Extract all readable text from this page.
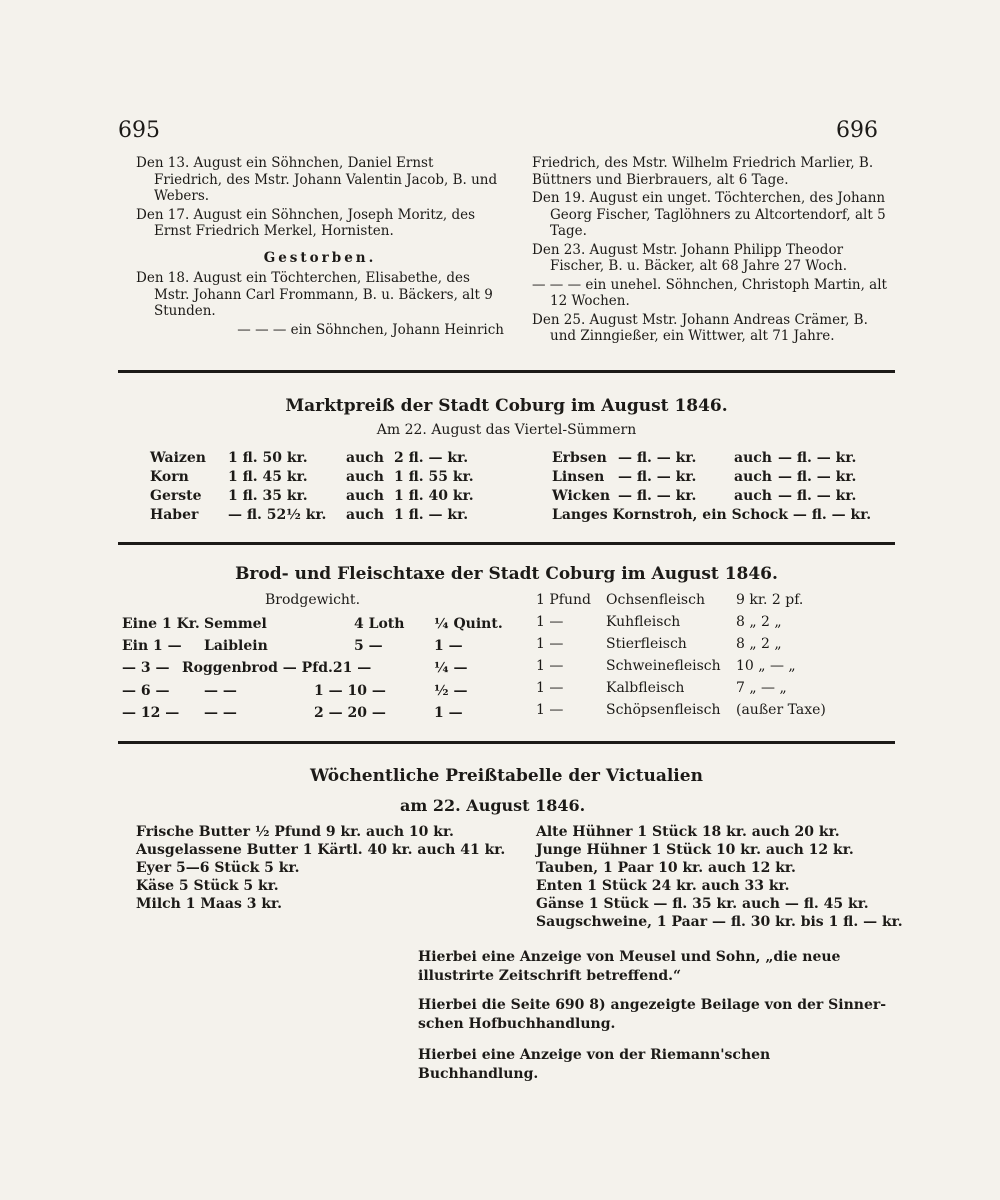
695	696

Den 13. August ein Söhnchen, Daniel Ernst Friedrich, des Mstr. Johann Valentin Jacob, B. und Webers.

Den 17. August ein Söhnchen, Joseph Moritz, des Ernst Friedrich Merkel, Hornisten.

Gestorben.

Den 18. August ein Töchterchen, Elisabethe, des Mstr. Johann Carl Frommann, B. u. Bäckers, alt 9 Stunden.

— — — ein Söhnchen, Johann Heinrich

Friedrich, des Mstr. Wilhelm Friedrich Marlier, B. Büttners und Bierbrauers, alt 6 Tage.

Den 19. August ein unget. Töchterchen, des Johann Georg Fischer, Taglöhners zu Altcortendorf, alt 5 Tage.

Den 23. August Mstr. Johann Philipp Theodor Fischer, B. u. Bäcker, alt 68 Jahre 27 Woch.

— — — ein unehel. Söhnchen, Christoph Martin, alt 12 Wochen.

Den 25. August Mstr. Johann Andreas Crämer, B. und Zinngießer, ein Wittwer, alt 71 Jahre.

Marktpreiß der Stadt Coburg im August 1846.
Am 22. August das Viertel-Sümmern
Waizen 1 fl. 50 kr.	auch 2 fl. — kr.
Korn	1 fl. 45 kr.	auch 1 fl. 55 kr.
Gerste 1 fl. 35 kr.	auch 1 fl. 40 kr.
Haber — fl. 52½ kr. auch 1 fl. — kr.
Erbsen — fl. — kr.	auch — fl. — kr.
Linsen — fl. — kr.	auch — fl. — kr.
Wicken — fl. — kr.	auch — fl. — kr.
Langes Kornstroh, ein Schock — fl. — kr.
Brod- und Fleischtaxe der Stadt Coburg im August 1846.
Brodgewicht.
Eine 1 Kr. Semmel	4 Loth ¼ Quint.
Ein 1 — Laiblein	5 —	1 —
— 3 — Roggenbrod — Pfd.21 —	¼ —
— 6 — — —	1 — 10 —	½ —
— 12 — — —	2 — 20 —	1 —
1 Pfund Ochsenfleisch 9 kr. 2 pf.
1 —	Kuhfleisch	8 „ 2 „
1 —	Stierfleisch	8 „ 2 „
1 —	Schweinefleisch 10 „ — „
1 —	Kalbfleisch	7 „ — „
1 —	Schöpsenfleisch (außer Taxe)
Wöchentliche Preißtabelle der Victualien
am 22. August 1846.
Frische Butter ½ Pfund 9 kr. auch 10 kr.
Ausgelassene Butter 1 Kärtl. 40 kr. auch 41 kr.
Eyer 5—6 Stück 5 kr.
Käse 5 Stück 5 kr.
Milch 1 Maas 3 kr.
Alte Hühner 1 Stück 18 kr. auch 20 kr.
Junge Hühner 1 Stück 10 kr. auch 12 kr.
Tauben, 1 Paar 10 kr. auch 12 kr.
Enten 1 Stück 24 kr. auch 33 kr.
Gänse 1 Stück — fl. 35 kr. auch — fl. 45 kr.
Saugschweine, 1 Paar — fl. 30 kr. bis 1 fl. — kr.
Hierbei eine Anzeige von Meusel und Sohn, „die neue illustrirte Zeitschrift betreffend.“
Hierbei die Seite 690 8) angezeigte Beilage von der Sinner-schen Hofbuchhandlung.
Hierbei eine Anzeige von der Riemann'schen Buchhandlung.
